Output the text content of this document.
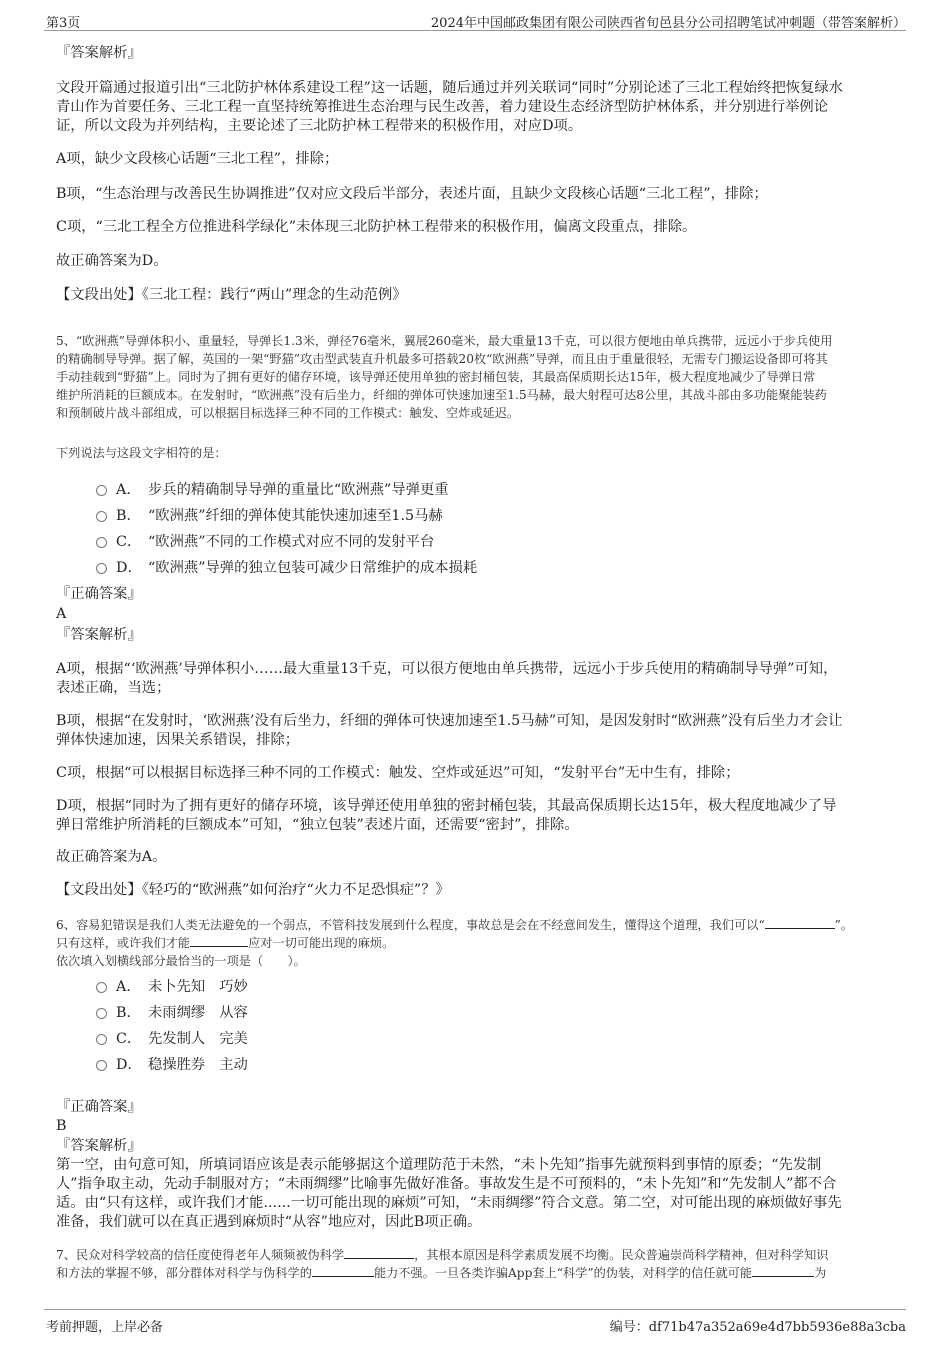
第3页	2024年中国邮政集团有限公司陕西省旬邑县分公司招聘笔试冲刺题（带答案解析）
『答案解析』
文段开篇通过报道引出“三北防护林体系建设工程”这一话题，随后通过并列关联词“同时”分别论述了三北工程始终把恢复绿水
青山作为首要任务、三北工程一直坚持统筹推进生态治理与民生改善，着力建设生态经济型防护林体系，并分别进行举例论
证，所以文段为并列结构，主要论述了三北防护林工程带来的积极作用，对应D项。
A项，缺少文段核心话题“三北工程”，排除；
B项，“生态治理与改善民生协调推进”仅对应文段后半部分，表述片面，且缺少文段核心话题“三北工程”，排除；
C项，“三北工程全方位推进科学绿化”未体现三北防护林工程带来的积极作用，偏离文段重点，排除。
故正确答案为D。
【文段出处】《三北工程：践行“两山”理念的生动范例》
5、“欧洲燕”导弹体积小、重量轻，导弹长1.3米，弹径76毫米，翼展260毫米，最大重量13千克，可以很方便地由单兵携带，远远小于步兵使用
的精确制导导弹。据了解，英国的一架“野猫”攻击型武装直升机最多可搭载20枚“欧洲燕”导弹，而且由于重量很轻，无需专门搬运设备即可将其
手动挂载到“野猫”上。同时为了拥有更好的储存环境，该导弹还使用单独的密封桶包装，其最高保质期长达15年，极大程度地减少了导弹日常
维护所消耗的巨额成本。在发射时，“欧洲燕”没有后坐力，纤细的弹体可快速加速至1.5马赫，最大射程可达8公里，其战斗部由多功能聚能装药
和预制破片战斗部组成，可以根据目标选择三种不同的工作模式：触发、空炸或延迟。
下列说法与这段文字相符的是：
A． 步兵的精确制导导弹的重量比“欧洲燕”导弹更重
B． “欧洲燕”纤细的弹体使其能快速加速至1.5马赫
C． “欧洲燕”不同的工作模式对应不同的发射平台
D． “欧洲燕”导弹的独立包装可减少日常维护的成本损耗
『正确答案』
A
『答案解析』
A项，根据“‘欧洲燕’导弹体积小……最大重量13千克，可以很方便地由单兵携带，远远小于步兵使用的精确制导导弹”可知，
表述正确，当选；
B项，根据“在发射时，‘欧洲燕’没有后坐力，纤细的弹体可快速加速至1.5马赫”可知，是因发射时“欧洲燕”没有后坐力才会让
弹体快速加速，因果关系错误，排除；
C项，根据“可以根据目标选择三种不同的工作模式：触发、空炸或延迟”可知，“发射平台”无中生有，排除；
D项，根据“同时为了拥有更好的储存环境，该导弹还使用单独的密封桶包装，其最高保质期长达15年，极大程度地减少了导
弹日常维护所消耗的巨额成本”可知，“独立包装”表述片面，还需要“密封”，排除。
故正确答案为A。
【文段出处】《轻巧的“欧洲燕”如何治疗“火力不足恐惧症”？》
6、容易犯错误是我们人类无法避免的一个弱点，不管科技发展到什么程度，事故总是会在不经意间发生，懂得这个道理，我们可以“	”。
只有这样，或许我们才能	应对一切可能出现的麻烦。
依次填入划横线部分最恰当的一项是（　　）。
A． 未卜先知 巧妙
B． 未雨绸缪 从容
C． 先发制人 完美
D． 稳操胜券 主动
『正确答案』
B
『答案解析』
第一空，由句意可知，所填词语应该是表示能够据这个道理防范于未然，“未卜先知”指事先就预料到事情的原委；“先发制
人”指争取主动，先动手制服对方；“未雨绸缪”比喻事先做好准备。事故发生是不可预料的，“未卜先知”和“先发制人”都不合
适。由“只有这样，或许我们才能......一切可能出现的麻烦”可知，“未雨绸缪”符合文意。第二空，对可能出现的麻烦做好事先
准备，我们就可以在真正遇到麻烦时“从容”地应对，因此B项正确。
7、民众对科学较高的信任度使得老年人频频被伪科学	，其根本原因是科学素质发展不均衡。民众普遍崇尚科学精神，但对科学知识
和方法的掌握不够，部分群体对科学与伪科学的	能力不强。一旦各类诈骗App套上“科学”的伪装，对科学的信任就可能	为
考前押题，上岸必备	编号：df71b47a352a69e4d7bb5936e88a3cba
